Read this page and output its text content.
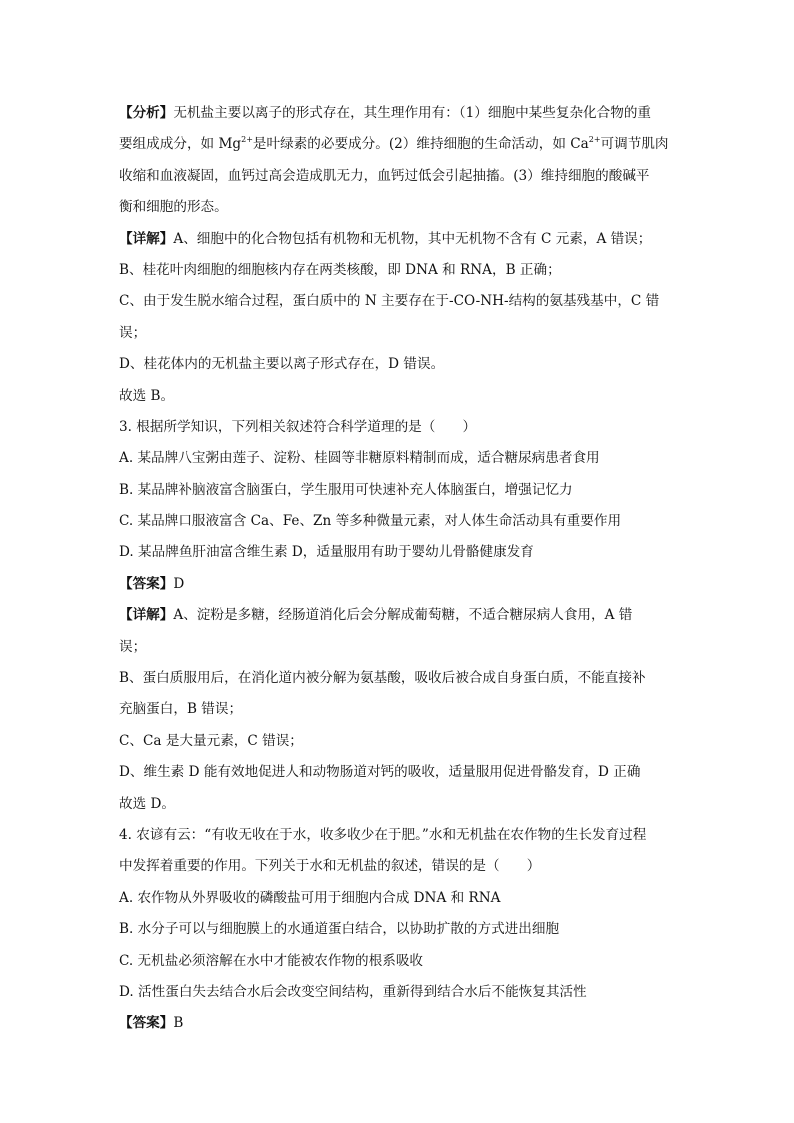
【分析】无机盐主要以离子的形式存在，其生理作用有：（1）细胞中某些复杂化合物的重
要组成成分，如 $Mg^{2+}$是叶绿素的必要成分。(2）维持细胞的生命活动，如 $Ca^{2+}$可调节肌肉
收缩和血液凝固，血钙过高会造成肌无力，血钙过低会引起抽搐。(3）维持细胞的酸碱平
衡和细胞的形态。
【详解】A、细胞中的化合物包括有机物和无机物，其中无机物不含有 C 元素，A 错误；
B、桂花叶肉细胞的细胞核内存在两类核酸，即 DNA 和 RNA，B 正确；
C、由于发生脱水缩合过程，蛋白质中的 N 主要存在于-CO-NH-结构的氨基残基中，C 错
误；
D、桂花体内的无机盐主要以离子形式存在，D 错误。
故选 B。
3. 根据所学知识，下列相关叙述符合科学道理的是（　　）
A. 某品牌八宝粥由莲子、淀粉、桂圆等非糖原料精制而成，适合糖尿病患者食用
B. 某品牌补脑液富含脑蛋白，学生服用可快速补充人体脑蛋白，增强记忆力
C. 某品牌口服液富含 Ca、Fe、Zn 等多种微量元素，对人体生命活动具有重要作用
D. 某品牌鱼肝油富含维生素 D，适量服用有助于婴幼儿骨骼健康发育
【答案】D
【详解】A、淀粉是多糖，经肠道消化后会分解成葡萄糖，不适合糖尿病人食用，A 错
误；
B、蛋白质服用后，在消化道内被分解为氨基酸，吸收后被合成自身蛋白质，不能直接补
充脑蛋白，B 错误；
C、Ca 是大量元素，C 错误；
D、维生素 D 能有效地促进人和动物肠道对钙的吸收，适量服用促进骨骼发育，D 正确
故选 D。
4. 农谚有云：“有收无收在于水，收多收少在于肥。”水和无机盐在农作物的生长发育过程
中发挥着重要的作用。下列关于水和无机盐的叙述，错误的是（　　）
A. 农作物从外界吸收的磷酸盐可用于细胞内合成 DNA 和 RNA
B. 水分子可以与细胞膜上的水通道蛋白结合，以协助扩散的方式进出细胞
C. 无机盐必须溶解在水中才能被农作物的根系吸收
D. 活性蛋白失去结合水后会改变空间结构，重新得到结合水后不能恢复其活性
【答案】B
